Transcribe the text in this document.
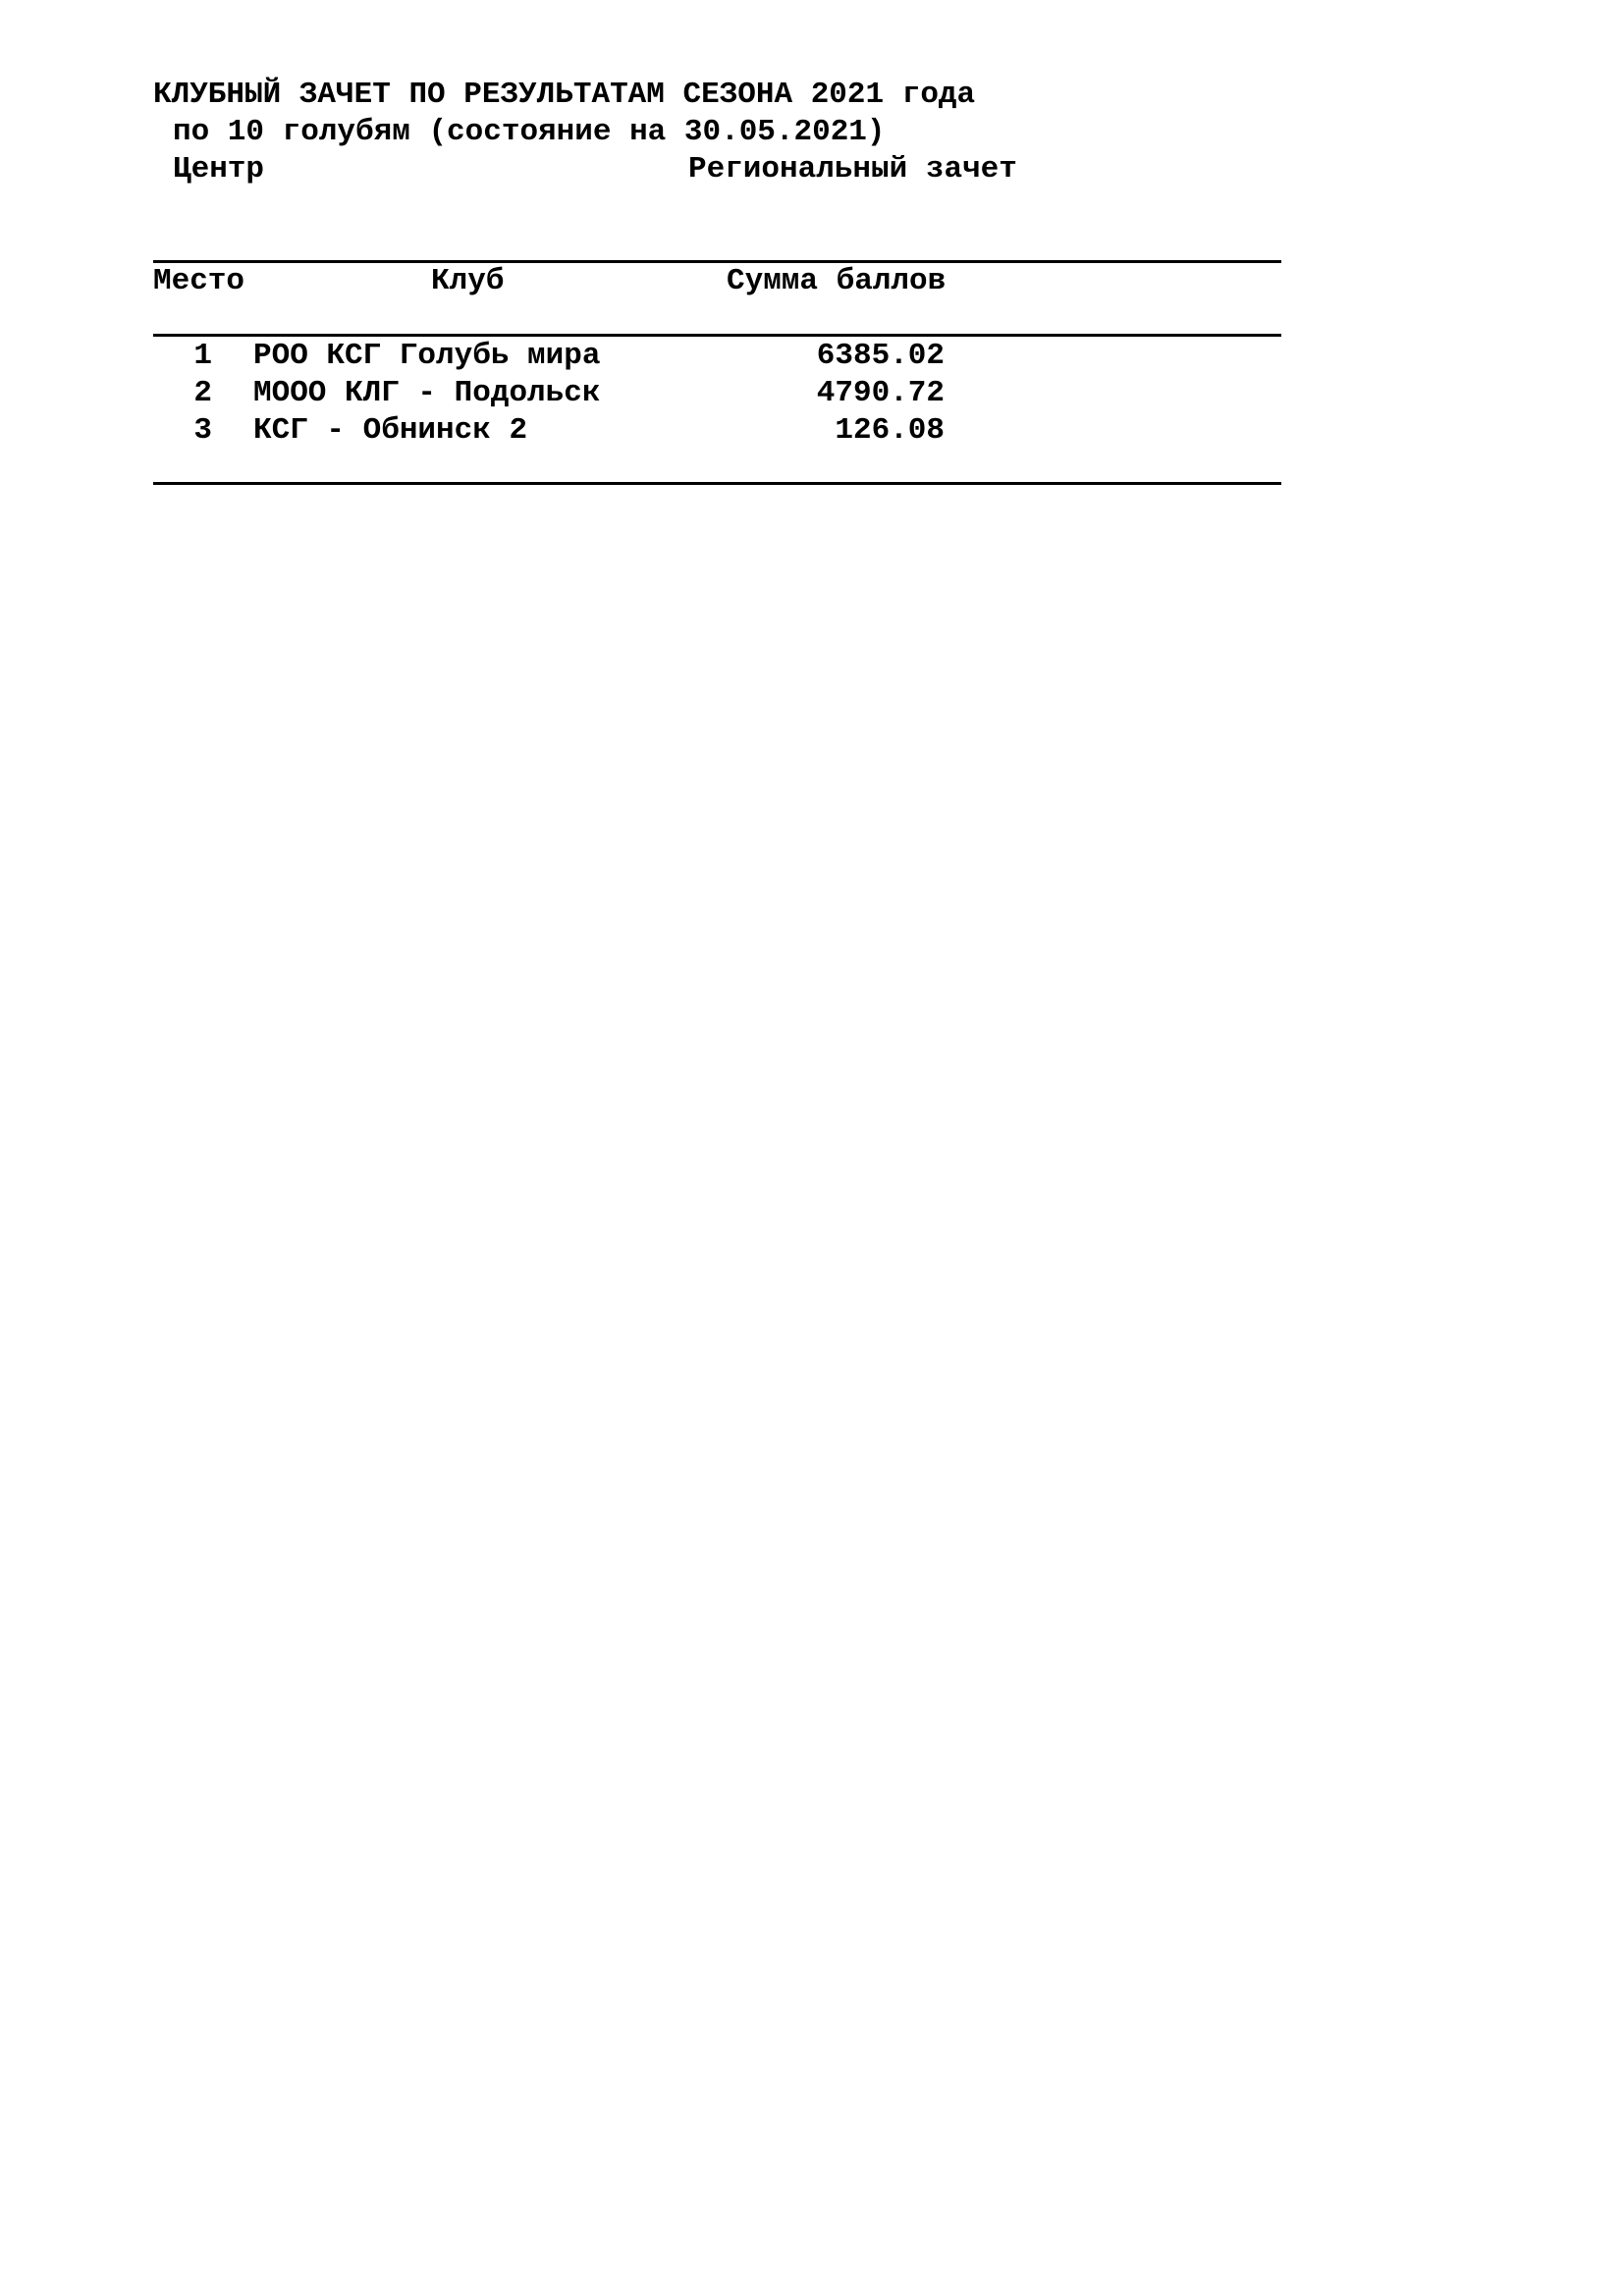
КЛУБНЫЙ ЗАЧЕТ ПО РЕЗУЛЬТАТАМ СЕЗОНА 2021 года
по 10 голубям (состояние на 30.05.2021)
Центр	Региональный зачет
Место	Клуб	Сумма баллов
1 РОО КСГ Голубь мира	6385.02
2 МООО КЛГ - Подольск	4790.72
3 КСГ - Обнинск 2	126.08
